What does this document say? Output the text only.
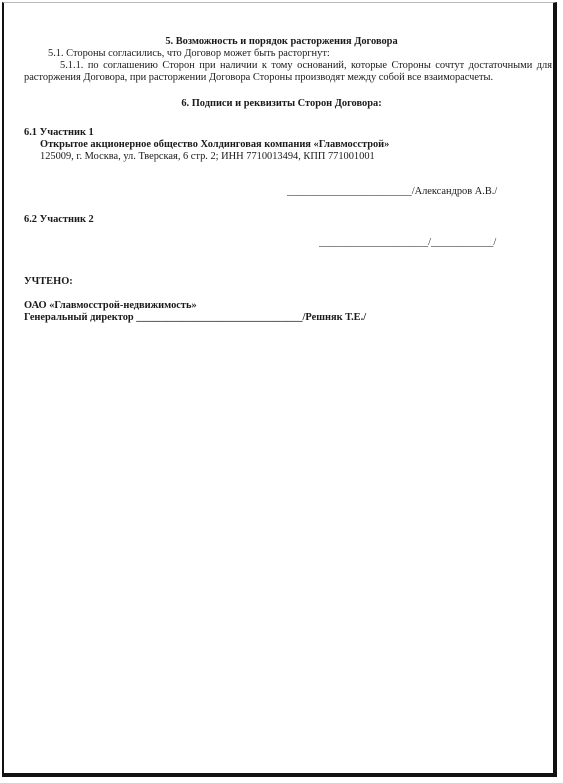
5. Возможность и порядок расторжения Договора
5.1. Стороны согласились, что Договор может быть расторгнут:
5.1.1. по соглашению Сторон при наличии к тому оснований, которые Стороны сочтут достаточными для расторжения Договора, при расторжении Договора Стороны производят между собой все взаиморасчеты.
6. Подписи и реквизиты Сторон Договора:
6.1 Участник 1
Открытое акционерное общество Холдинговая компания «Главмосстрой»
125009, г. Москва, ул. Тверская, 6 стр. 2; ИНН 7710013494, КПП 771001001
________________________/Александров А.В./
6.2 Участник 2
_____________________/____________/
УЧТЕНО:
ОАО «Главмосстрой-недвижимость»
Генеральный директор ________________________________/Решняк Т.Е./
